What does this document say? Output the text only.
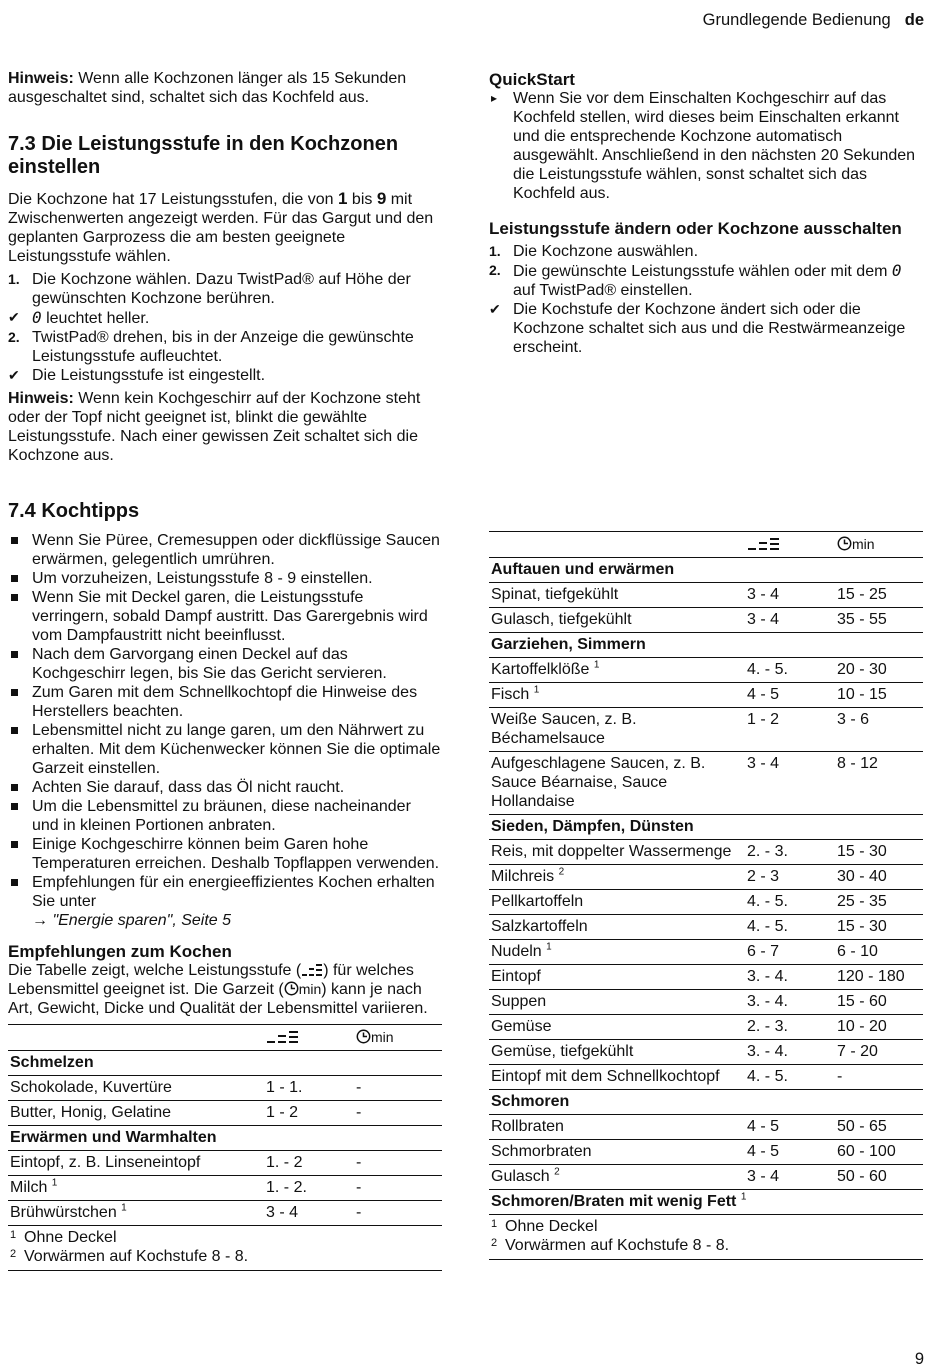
Grundlegende Bedienung de

Hinweis: Wenn alle Kochzonen länger als 15 Sekunden ausgeschaltet sind, schaltet sich das Kochfeld aus.

7.3 Die Leistungsstufe in den Kochzonen einstellen

Die Kochzone hat 17 Leistungsstufen, die von 1 bis 9 mit Zwischenwerten angezeigt werden. Für das Gargut und den geplanten Garprozess die am besten geeignete Leistungsstufe wählen.

1. Die Kochzone wählen. Dazu TwistPad® auf Höhe der gewünschten Kochzone berühren.
✔ 0 leuchtet heller.
2. TwistPad® drehen, bis in der Anzeige die gewünschte Leistungsstufe aufleuchtet.
✔ Die Leistungsstufe ist eingestellt.

Hinweis: Wenn kein Kochgeschirr auf der Kochzone steht oder der Topf nicht geeignet ist, blinkt die gewählte Leistungsstufe. Nach einer gewissen Zeit schaltet sich die Kochzone aus.

QuickStart
▸ Wenn Sie vor dem Einschalten Kochgeschirr auf das Kochfeld stellen, wird dieses beim Einschalten erkannt und die entsprechende Kochzone automatisch ausgewählt. Anschließend in den nächsten 20 Sekunden die Leistungsstufe wählen, sonst schaltet sich das Kochfeld aus.
Leistungsstufe ändern oder Kochzone ausschalten
1. Die Kochzone auswählen.
2. Die gewünschte Leistungsstufe wählen oder mit dem 0 auf TwistPad® einstellen.
✔ Die Kochstufe der Kochzone ändert sich oder die Kochzone schaltet sich aus und die Restwärmeanzeige erscheint.
7.4 Kochtipps
Wenn Sie Püree, Cremesuppen oder dickflüssige Saucen erwärmen, gelegentlich umrühren.
Um vorzuheizen, Leistungsstufe 8 - 9 einstellen.
Wenn Sie mit Deckel garen, die Leistungsstufe verringern, sobald Dampf austritt. Das Garergebnis wird vom Dampfaustritt nicht beeinflusst.
Nach dem Garvorgang einen Deckel auf das Kochgeschirr legen, bis Sie das Gericht servieren.
Zum Garen mit dem Schnellkochtopf die Hinweise des Herstellers beachten.
Lebensmittel nicht zu lange garen, um den Nährwert zu erhalten. Mit dem Küchenwecker können Sie die optimale Garzeit einstellen.
Achten Sie darauf, dass das Öl nicht raucht.
Um die Lebensmittel zu bräunen, diese nacheinander und in kleinen Portionen anbraten.
Einige Kochgeschirre können beim Garen hohe Temperaturen erreichen. Deshalb Topflappen verwenden.
Empfehlungen für ein energieeffizientes Kochen erhalten Sie unter
→ "Energie sparen", Seite 5
Empfehlungen zum Kochen

Die Tabelle zeigt, welche Leistungsstufe ( ) für welches Lebensmittel geeignet ist. Die Garzeit ( min) kann je nach Art, Gewicht, Dicke und Qualität der Lebensmittel variieren.

		min
Schmelzen		
Schokolade, Kuvertüre	1 - 1.	-
Butter, Honig, Gelatine	1 - 2	-
Erwärmen und Warmhalten		
Eintopf, z. B. Linseneintopf	1. - 2	-
Milch $^1$	1. - 2.	-
Brühwürstchen $^1$	3 - 4	-
1 Ohne Deckel
2 Vorwärmen auf Kochstufe 8 - 8.
		min
Auftauen und erwärmen		
Spinat, tiefgekühlt	3 - 4	15 - 25
Gulasch, tiefgekühlt	3 - 4	35 - 55
Garziehen, Simmern		
Kartoffelklöße $^1$	4. - 5.	20 - 30
Fisch $^1$	4 - 5	10 - 15
Weiße Saucen, z. B. Béchamelsauce	1 - 2	3 - 6
Aufgeschlagene Saucen, z. B. Sauce Béarnaise, Sauce Hollandaise	3 - 4	8 - 12
Sieden, Dämpfen, Dünsten		
Reis, mit doppelter Wassermenge	2. - 3.	15 - 30
Milchreis $^2$	2 - 3	30 - 40
Pellkartoffeln	4. - 5.	25 - 35
Salzkartoffeln	4. - 5.	15 - 30
Nudeln $^1$	6 - 7	6 - 10
Eintopf	3. - 4.	120 - 180
Suppen	3. - 4.	15 - 60
Gemüse	2. - 3.	10 - 20
Gemüse, tiefgekühlt	3. - 4.	7 - 20
Eintopf mit dem Schnellkochtopf	4. - 5.	-
Schmoren		
Rollbraten	4 - 5	50 - 65
Schmorbraten	4 - 5	60 - 100
Gulasch $^2$	3 - 4	50 - 60
Schmoren/Braten mit wenig Fett $^1$
1 Ohne Deckel
2 Vorwärmen auf Kochstufe 8 - 8.
9
